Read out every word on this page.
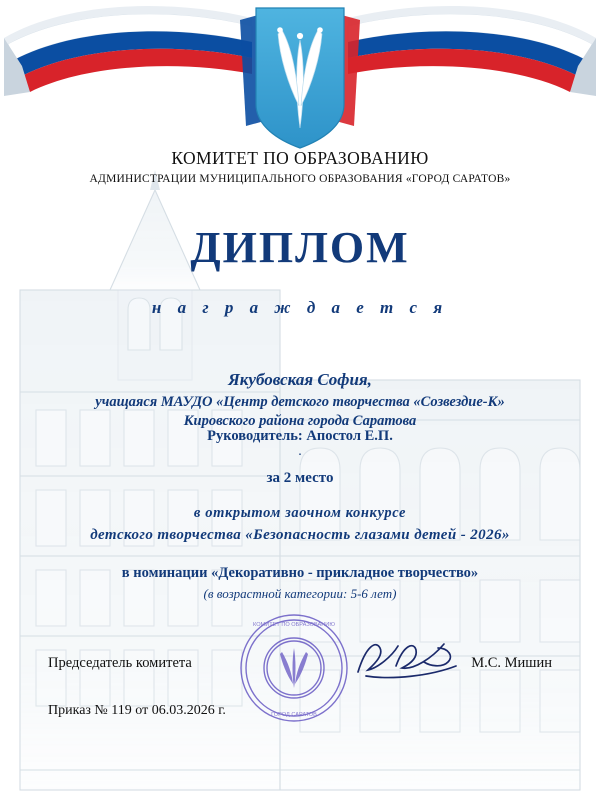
КОМИТЕТ ПО ОБРАЗОВАНИЮ
АДМИНИСТРАЦИИ МУНИЦИПАЛЬНОГО ОБРАЗОВАНИЯ «ГОРОД САРАТОВ»
ДИПЛОМ
н а г р а ж д а е т с я
Якубовская София,
учащаяся МАУДО «Центр детского творчества «Созвездие-К»
Кировского района города Саратова
Руководитель: Апостол Е.П.
.
за 2 место
в открытом заочном конкурсе
детского творчества «Безопасность глазами детей - 2026»
в номинации «Декоративно - прикладное творчество»
(в возрастной категории: 5-6 лет)
Председатель комитета	М.С. Мишин
Приказ № 119 от 06.03.2026 г.
КОМИТЕТ ПО ОБРАЗОВАНИЮ
ГОРОД САРАТОВ
